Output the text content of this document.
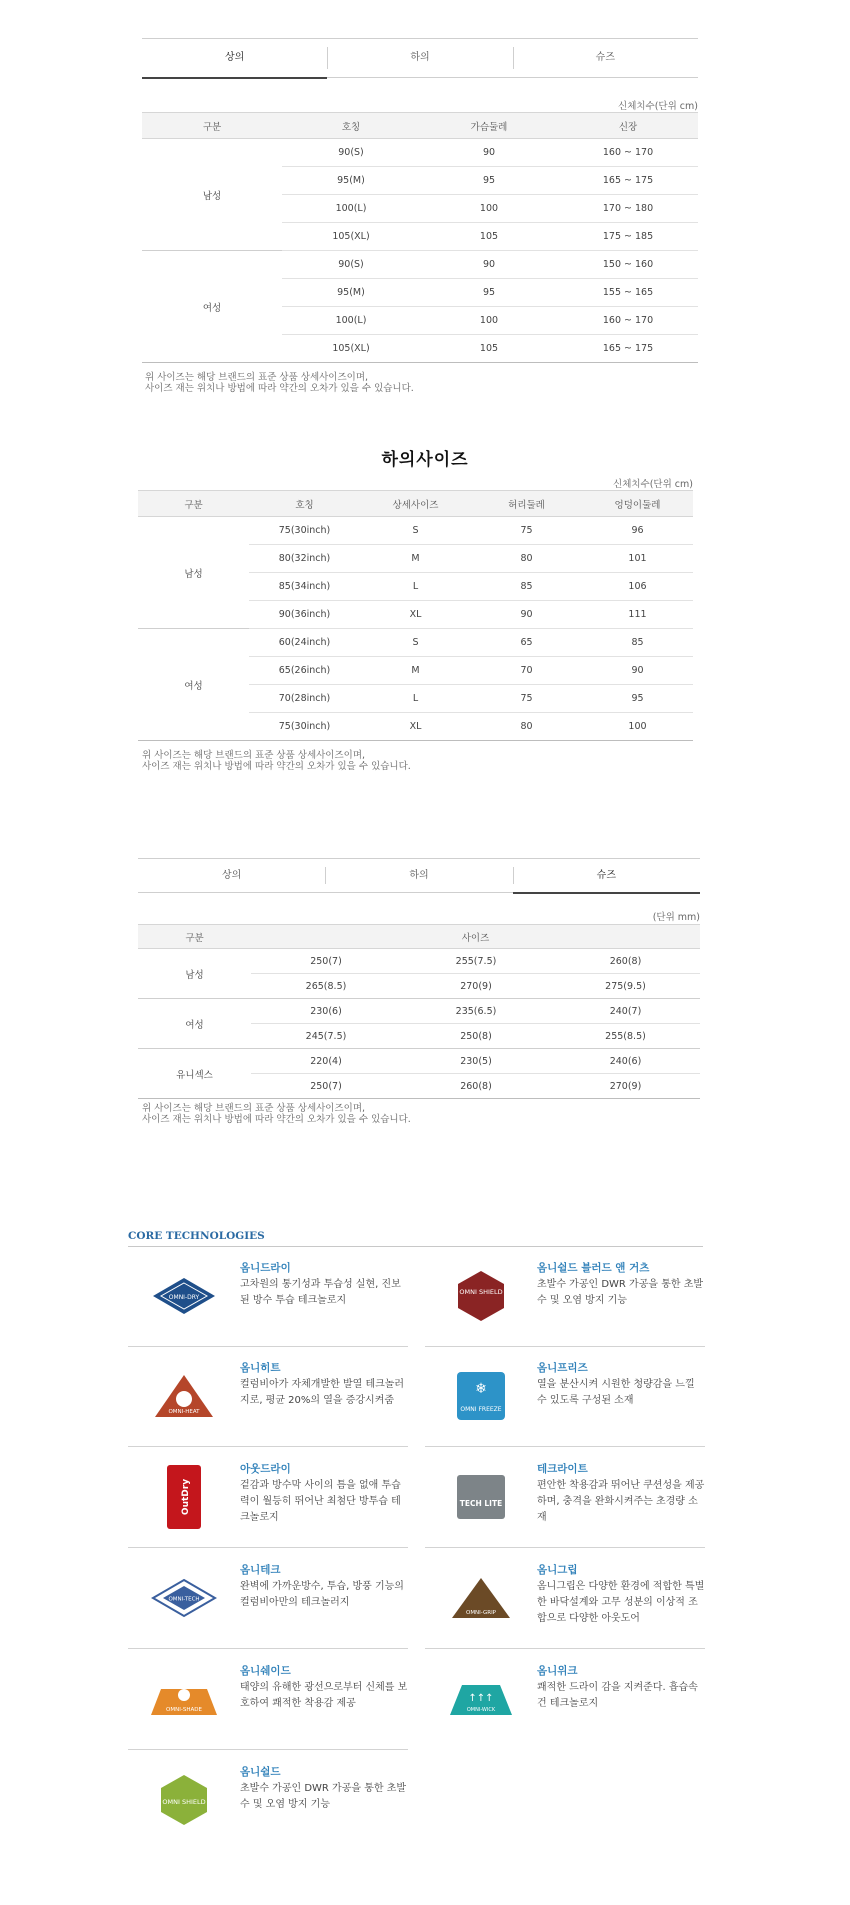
상의	하의	슈즈
신체치수(단위 cm)
구분	호칭	가슴둘레	신장
남성	90(S)	90	160 ~ 170
	95(M)	95	165 ~ 175
	100(L)	100	170 ~ 180
	105(XL)	105	175 ~ 185
여성	90(S)	90	150 ~ 160
	95(M)	95	155 ~ 165
	100(L)	100	160 ~ 170
	105(XL)	105	165 ~ 175
위 사이즈는 해당 브랜드의 표준 상품 상세사이즈이며,
사이즈 재는 위치나 방법에 따라 약간의 오차가 있을 수 있습니다.
하의사이즈
신체치수(단위 cm)
구분	호칭	상세사이즈	허리둘레	엉덩이둘레
남성	75(30inch)	S	75	96
	80(32inch)	M	80	101
	85(34inch)	L	85	106
	90(36inch)	XL	90	111
여성	60(24inch)	S	65	85
	65(26inch)	M	70	90
	70(28inch)	L	75	95
	75(30inch)	XL	80	100
위 사이즈는 해당 브랜드의 표준 상품 상세사이즈이며,
사이즈 재는 위치나 방법에 따라 약간의 오차가 있을 수 있습니다.
상의	하의	슈즈
(단위 mm)
구분	사이즈		
남성	250(7)	255(7.5)	260(8)
	265(8.5)	270(9)	275(9.5)
여성	230(6)	235(6.5)	240(7)
	245(7.5)	250(8)	255(8.5)
유니섹스	220(4)	230(5)	240(6)
	250(7)	260(8)	270(9)
위 사이즈는 해당 브랜드의 표준 상품 상세사이즈이며,
사이즈 재는 위치나 방법에 따라 약간의 오차가 있을 수 있습니다.
CORE TECHNOLOGIES
OMNI-DRY
옴니드라이
고차원의 통기성과 투습성 실현, 진보된 방수 투습 테크놀로지
OMNI SHIELD
옴니쉴드 블러드 앤 거츠
초발수 가공인 DWR 가공을 통한 초발수 및 오염 방지 기능
OMNI-HEAT
옴니히트
컬럼비아가 자체개발한 발열 테크놀러지로, 평균 20%의 열을 증강시켜줌
❄
OMNI FREEZE
옴니프리즈
열을 분산시켜 시원한 청량감을 느낄 수 있도록 구성된 소재
OutDry
아웃드라이
겉감과 방수막 사이의 틈을 없애 투습력이 월등히 뛰어난 최첨단 방투습 테크놀로지
TECH LITE
테크라이트
편안한 착용감과 뛰어난 쿠션성을 제공하며, 충격을 완화시켜주는 초경량 소재
OMNI-TECH
옴니테크
완벽에 가까운방수, 투습, 방풍 기능의 컬럼비아만의 테크놀러지
OMNI-GRIP
옴니그립
옴니그립은 다양한 환경에 적합한 특별한 바닥설계와 고무 성분의 이상적 조합으로 다양한 아웃도어
OMNI-SHADE
옴니쉐이드
태양의 유해한 광선으로부터 신체를 보호하여 쾌적한 착용감 제공	↑↑↑
OMNI-WICK
옴니위크
쾌적한 드라이 감을 지켜준다. 흡습속건 테크놀로지
OMNI SHIELD
옴니쉴드
초발수 가공인 DWR 가공을 통한 초발수 및 오염 방지 기능
